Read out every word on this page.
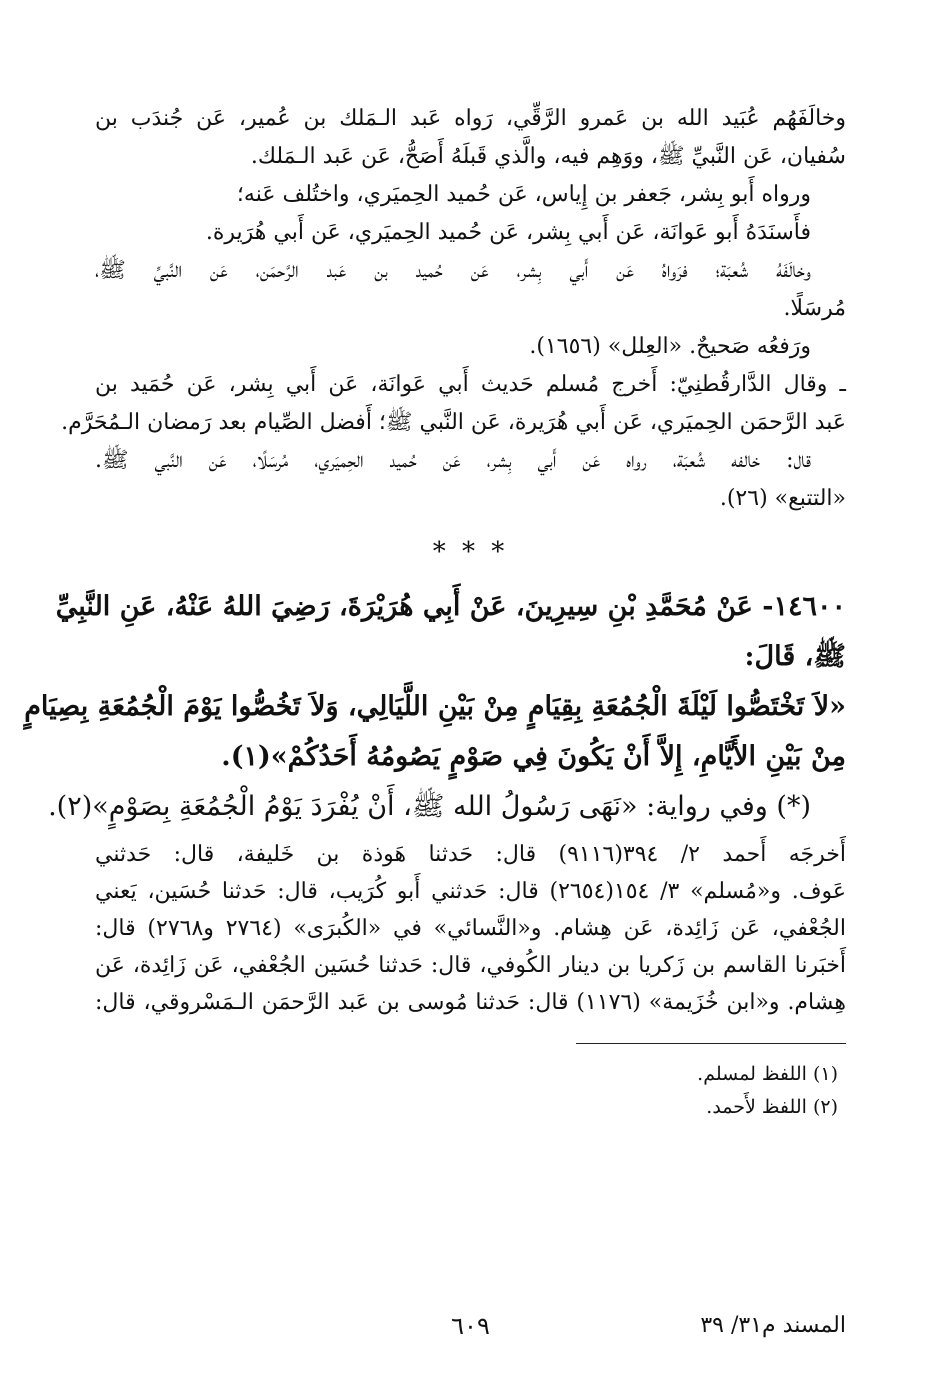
وخالَفَهُم عُبَيد الله بن عَمرو الرَّقِّي، رَواه عَبد الـمَلك بن عُمير، عَن جُندَب بن
سُفيان، عَن النَّبيِّ ﷺ، ووَهِم فيه، والَّذي قَبلَهُ أَصَحُّ، عَن عَبد الـمَلك.
ورواه أَبو بِشر، جَعفر بن إِياس، عَن حُميد الحِميَري، واختُلف عَنه؛
فأَسنَدَهُ أَبو عَوانَة، عَن أَبي بِشر، عَن حُميد الحِميَري، عَن أَبي هُرَيرة.
وخالَفَهُ شُعبَة؛ فرَواهُ عَن أَبي بِشر، عَن حُميد بن عَبد الرَّحمَن، عَن النَّبيِّ ﷺ،
مُرسَلًا.
ورَفعُه صَحيحٌ. «العِلل» (١٦٥٦).
ـ وقال الدَّارقُطنِيّ: أَخرج مُسلم حَديث أَبي عَوانَة، عَن أَبي بِشر، عَن حُمَيد بن
عَبد الرَّحمَن الحِميَري، عَن أَبي هُرَيرة، عَن النَّبي ﷺ؛ أَفضل الصِّيام بعد رَمضان الـمُحَرَّم.
قال: خالفه شُعبَة، رواه عَن أَبي بِشر، عَن حُميد الحِميَري، مُرسَلًا، عَن النَّبي ﷺ.
«التتبع» (٢٦).
* * *
١٤٦٠٠- عَنْ مُحَمَّدِ بْنِ سِيرِينَ، عَنْ أَبِي هُرَيْرَةَ، رَضِيَ اللهُ عَنْهُ، عَنِ النَّبِيِّ
ﷺ، قَالَ:
«لاَ تَخْتَصُّوا لَيْلَةَ الْجُمُعَةِ بِقِيَامٍ مِنْ بَيْنِ اللَّيَالِي، وَلاَ تَخُصُّوا يَوْمَ الْجُمُعَةِ بِصِيَامٍ
مِنْ بَيْنِ الأَيَّامِ، إِلاَّ أَنْ يَكُونَ فِي صَوْمٍ يَصُومُهُ أَحَدُكُمْ»(١).
(*) وفي رواية: «نَهَى رَسُولُ الله ﷺ، أَنْ يُفْرَدَ يَوْمُ الْجُمُعَةِ بِصَوْمٍ»(٢).
أَخرجَه أَحمد ٢/ ٣٩٤(٩١١٦) قال: حَدثنا هَوذة بن خَليفة، قال: حَدثني
عَوف. و«مُسلم» ٣/ ١٥٤(٢٦٥٤) قال: حَدثني أَبو كُرَيب، قال: حَدثنا حُسَين، يَعني
الجُعْفي، عَن زَائِدة، عَن هِشام. و«النَّسائي» في «الكُبرَى» (٢٧٦٤ و٢٧٦٨) قال:
أَخبَرنا القاسم بن زَكريا بن دينار الكُوفي، قال: حَدثنا حُسَين الجُعْفي، عَن زَائِدة، عَن
هِشام. و«ابن خُزَيمة» (١١٧٦) قال: حَدثنا مُوسى بن عَبد الرَّحمَن الـمَسْروقي، قال:
(١) اللفظ لمسلم.
(٢) اللفظ لأَحمد.
المسند م٣١/ ٣٩
٦٠٩
